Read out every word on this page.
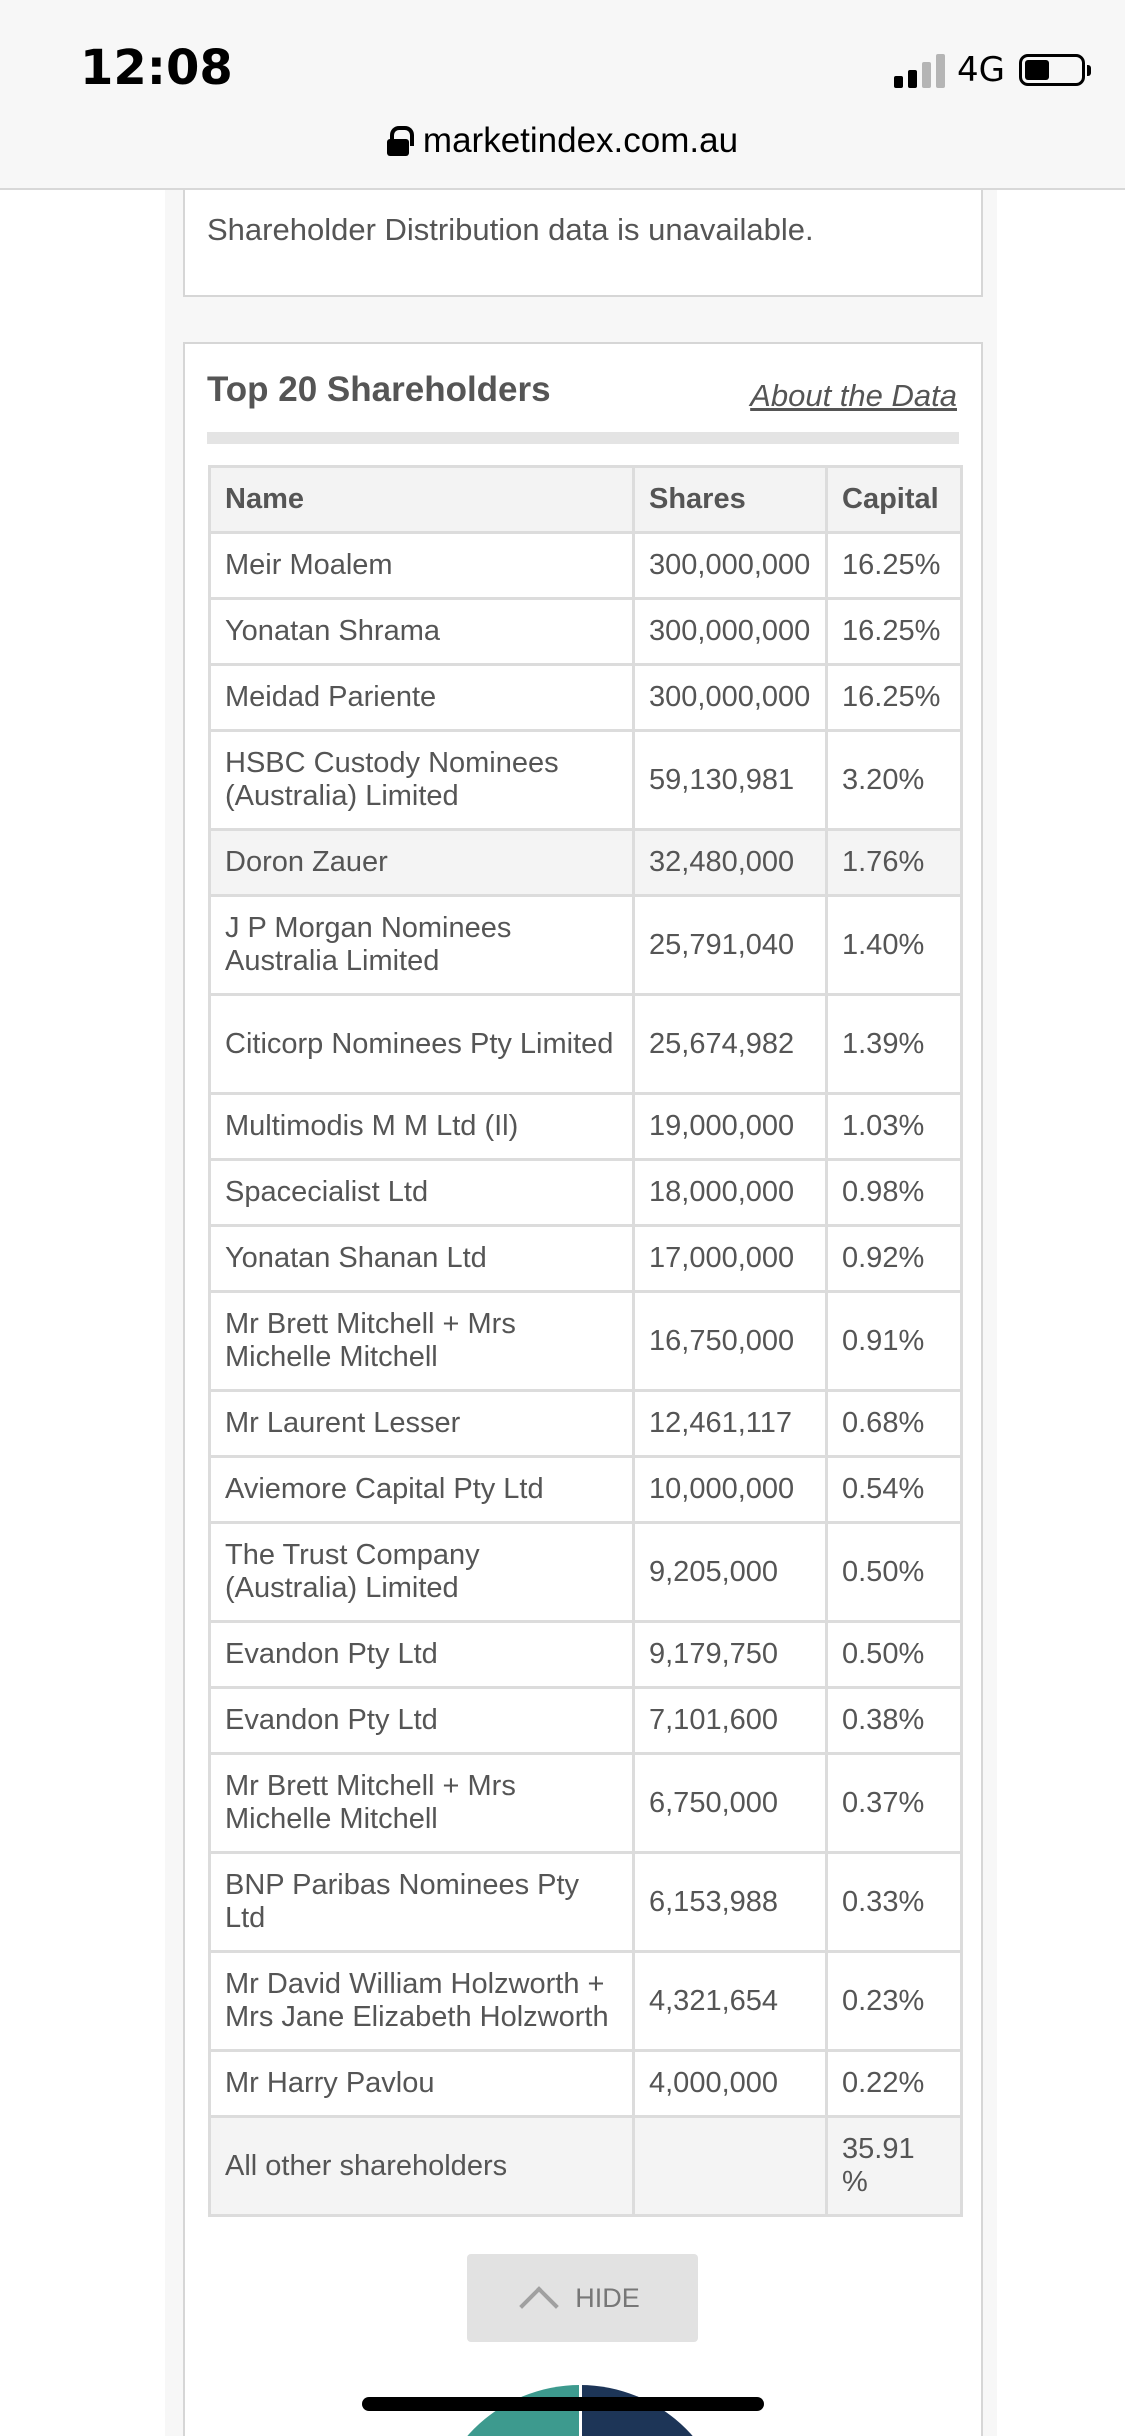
12:08	4G
marketindex.com.au
Shareholder Distribution data is unavailable.
Top 20 Shareholders	About the Data
Name	Shares	Capital
Meir Moalem	300,000,000	16.25%
Yonatan Shrama	300,000,000	16.25%
Meidad Pariente	300,000,000	16.25%
HSBC Custody Nominees (Australia) Limited	59,130,981	3.20%
Doron Zauer	32,480,000	1.76%
J P Morgan Nominees Australia Limited	25,791,040	1.40%
Citicorp Nominees Pty Limited	25,674,982	1.39%
Multimodis M M Ltd (Il)	19,000,000	1.03%
Spacecialist Ltd	18,000,000	0.98%
Yonatan Shanan Ltd	17,000,000	0.92%
Mr Brett Mitchell + Mrs Michelle Mitchell	16,750,000	0.91%
Mr Laurent Lesser	12,461,117	0.68%
Aviemore Capital Pty Ltd	10,000,000	0.54%
The Trust Company (Australia) Limited	9,205,000	0.50%
Evandon Pty Ltd	9,179,750	0.50%
Evandon Pty Ltd	7,101,600	0.38%
Mr Brett Mitchell + Mrs Michelle Mitchell	6,750,000	0.37%
BNP Paribas Nominees Pty Ltd	6,153,988	0.33%
Mr David William Holzworth + Mrs Jane Elizabeth Holzworth	4,321,654	0.23%
Mr Harry Pavlou	4,000,000	0.22%
All other shareholders		35.91 %
HIDE
